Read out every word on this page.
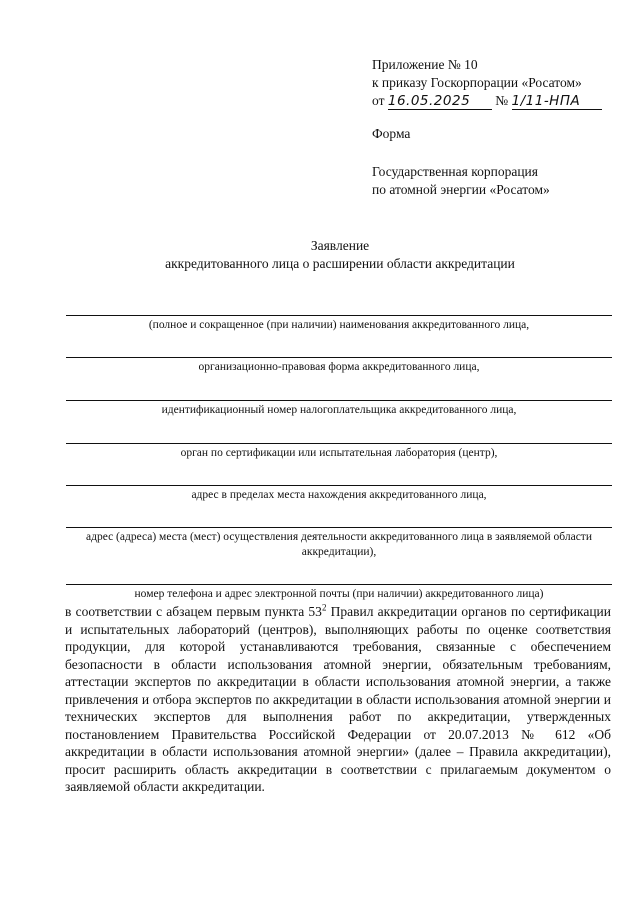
Приложение № 10
к приказу Госкорпорации «Росатом»
от 16.05.2025 № 1/11-НПА
Форма
Государственная корпорация
по атомной энергии «Росатом»
Заявление
аккредитованного лица о расширении области аккредитации
(полное и сокращенное (при наличии) наименования аккредитованного лица,
организационно-правовая форма аккредитованного лица,
идентификационный номер налогоплательщика аккредитованного лица,
орган по сертификации или испытательная лаборатория (центр),
адрес в пределах места нахождения аккредитованного лица,
адрес (адреса) места (мест) осуществления деятельности аккредитованного лица в заявляемой области аккредитации),
номер телефона и адрес электронной почты (при наличии) аккредитованного лица)
в соответствии с абзацем первым пункта $53^2$ Правил аккредитации органов по сертификации и испытательных лабораторий (центров), выполняющих работы по оценке соответствия продукции, для которой устанавливаются требования, связанные с обеспечением безопасности в области использования атомной энергии, обязательным требованиям, аттестации экспертов по аккредитации в области использования атомной энергии, а также привлечения и отбора экспертов по аккредитации в области использования атомной энергии и технических экспертов для выполнения работ по аккредитации, утвержденных постановлением Правительства Российской Федерации от 20.07.2013 № 612 «Об аккредитации в области использования атомной энергии» (далее – Правила аккредитации), просит расширить область аккредитации в соответствии с прилагаемым документом о заявляемой области аккредитации.
